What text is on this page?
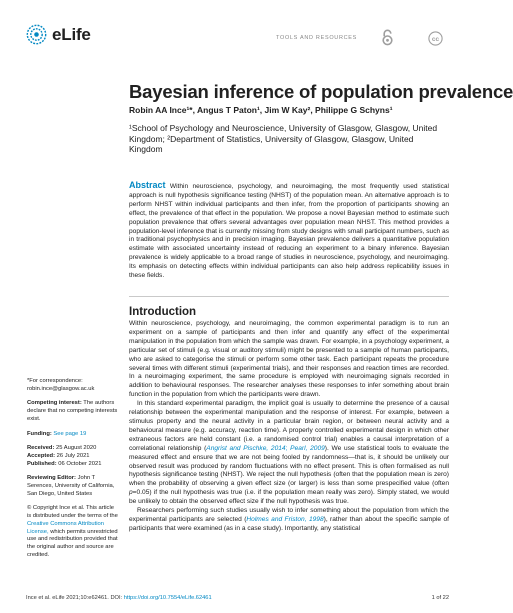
eLife	TOOLS AND RESOURCES	cc
Bayesian inference of population prevalence
Robin AA Ince¹*, Angus T Paton¹, Jim W Kay², Philippe G Schyns¹
¹School of Psychology and Neuroscience, University of Glasgow, Glasgow, United Kingdom; ²Department of Statistics, University of Glasgow, Glasgow, United Kingdom
Abstract Within neuroscience, psychology, and neuroimaging, the most frequently used statistical approach is null hypothesis significance testing (NHST) of the population mean. An alternative approach is to perform NHST within individual participants and then infer, from the proportion of participants showing an effect, the prevalence of that effect in the population. We propose a novel Bayesian method to estimate such population prevalence that offers several advantages over population mean NHST. This method provides a population-level inference that is currently missing from study designs with small participant numbers, such as in traditional psychophysics and in precision imaging. Bayesian prevalence delivers a quantitative population estimate with associated uncertainty instead of reducing an experiment to a binary inference. Bayesian prevalence is widely applicable to a broad range of studies in neuroscience, psychology, and neuroimaging. Its emphasis on detecting effects within individual participants can also help address replicability issues in these fields.
Introduction

Within neuroscience, psychology, and neuroimaging, the common experimental paradigm is to run an experiment on a sample of participants and then infer and quantify any effect of the experimental manipulation in the population from which the sample was drawn. For example, in a psychology experiment, a particular set of stimuli (e.g. visual or auditory stimuli) might be presented to a sample of human participants, who are asked to categorise the stimuli or perform some other task. Each participant repeats the procedure several times with different stimuli (experimental trials), and their responses and reaction times are recorded. In a neuroimaging experiment, the same procedure is employed with neuroimaging signals recorded in addition to behavioural responses. The researcher analyses these responses to infer something about brain function in the population from which the participants were drawn.

In this standard experimental paradigm, the implicit goal is usually to determine the presence of a causal relationship between the experimental manipulation and the response of interest. For example, between a stimulus property and the neural activity in a particular brain region, or between neural activity and a behavioural measure (e.g. accuracy, reaction time). A properly controlled experimental design in which other extraneous factors are held constant (i.e. a randomised control trial) enables a causal interpretation of a correlational relationship (Angrist and Pischke, 2014; Pearl, 2009). We use statistical tools to evaluate the measured effect and ensure that we are not being fooled by randomness—that is, it should be unlikely our observed result was produced by random fluctuations with no effect present. This is often formalised as null hypothesis significance testing (NHST). We reject the null hypothesis (often that the population mean is zero) when the probability of observing a given effect size (or larger) is less than some prespecified value (often p=0.05) if the null hypothesis was true (i.e. if the population mean really was zero). Simply stated, we would be unlikely to obtain the observed effect size if the null hypothesis was true.

Researchers performing such studies usually wish to infer something about the population from which the experimental participants are selected (Holmes and Friston, 1998), rather than about the specific sample of participants that were examined (as in a case study). Importantly, any statistical

*For correspondence:
robin.ince@glasgow.ac.uk
Competing interest: The authors declare that no competing interests exist.
Funding: See page 19
Received: 25 August 2020
Accepted: 26 July 2021
Published: 06 October 2021
Reviewing Editor: John T Serences, University of California, San Diego, United States
© Copyright Ince et al. This article is distributed under the terms of the Creative Commons Attribution License, which permits unrestricted use and redistribution provided that the original author and source are credited.
Ince et al. eLife 2021;10:e62461. DOI: https://doi.org/10.7554/eLife.62461	1 of 22
